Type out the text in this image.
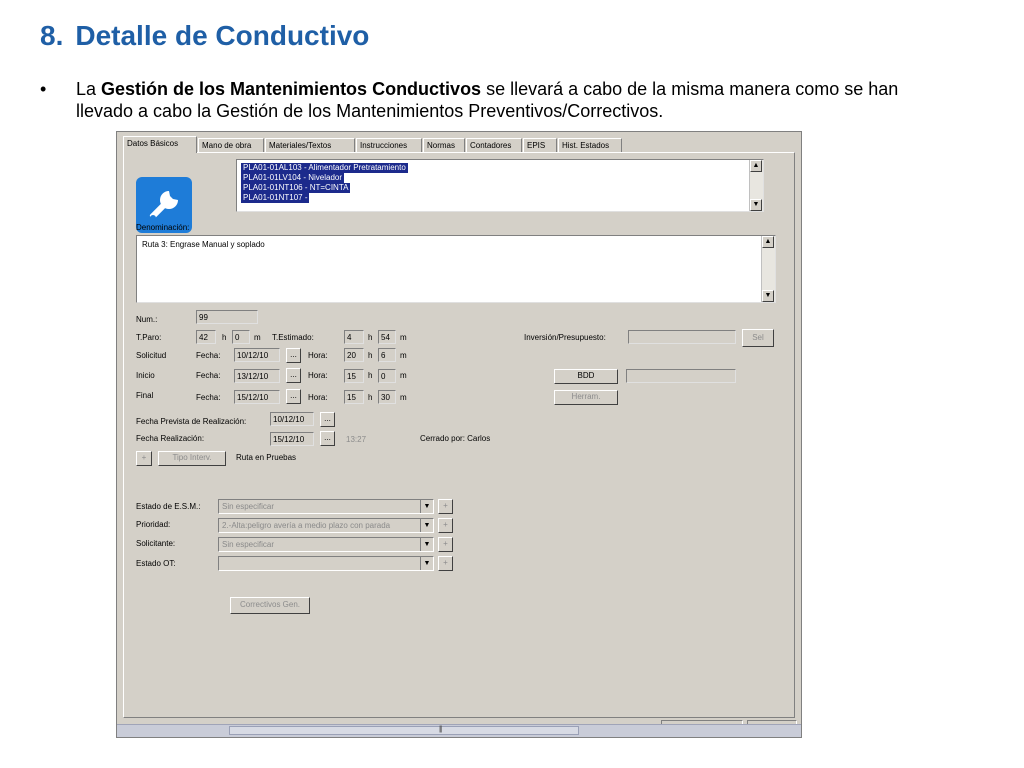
8. Detalle de Conductivo
• La Gestión de los Mantenimientos Conductivos se llevará a cabo de la misma manera como se han llevado a cabo la Gestión de los Mantenimientos Preventivos/Correctivos.
Datos Básicos	Mano de obra	Materiales/Textos	Instrucciones	Normas	Contadores	EPIS	Hist. Estados
PLA01-01AL103 - Alimentador Pretratamiento
PLA01-01LV104 - Nivelador
PLA01-01NT106 - NT=CINTA
PLA01-01NT107 -
▲
▼
Denominación:
Ruta 3: Engrase Manual y soplado	▲
▼
Num.:	99
T.Paro:	42	h	0	m T.Estimado:	4	h	54	m	Inversión/Presupuesto:	Sel
Solicitud	Fecha:	10/12/10	...	Hora:	20	h	6	m
Inicio	Fecha:	13/12/10	...	Hora:	15	h	0	m	BDD
Final	Fecha:	15/12/10	...	Hora:	15	h	30	m	Herram.
Fecha Prevista de Realización:	10/12/10	...
Fecha Realización:	15/12/10	...	13:27	Cerrado por: Carlos
+	Tipo Interv.	Ruta en Pruebas
Estado de E.S.M.:	Sin especificar	▼	+
Prioridad:	2.-Alta:peligro avería a medio plazo con parada	▼	+
Solicitante:	Sin especificar	▼	+
Estado OT:	▼	+
Correctivos Gen.
|||
